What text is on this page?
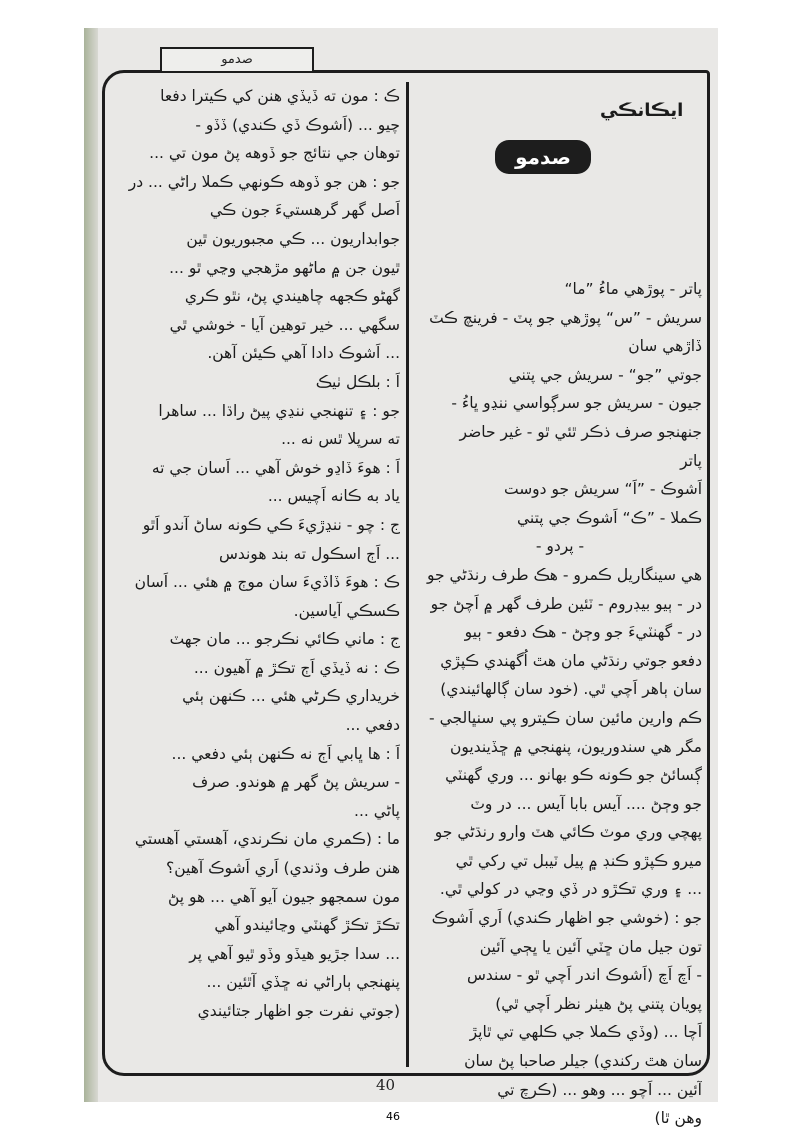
صدمو
ايڪانڪي
صدمو
پاتر - پوڙهي ماءُ ”ما“
سريش - ”س“ پوڙهي جو پٽ - فرينچ ڪٽ
ڏاڙهي سان
جوتي ”جو“ - سريش جي پتني
جيون - سريش جو سرڳواسي ننڍو ڀاءُ -
جنهنجو صرف ذڪر ٿئي ٿو - غير حاضر
پاتر
اَشوڪ - ”اَ“ سريش جو دوست
ڪملا - ”ڪ“ اَشوڪ جي پتني
- پردو -
هي سينگاريل ڪمرو - هڪ طرف رنڌڻي جو
در - ٻيو بيڊروم - ٽئين طرف گهر ۾ اَچڻ جو
در - گهنٽيءَ جو وڄڻ - هڪ دفعو - ٻيو
دفعو جوتي رنڌڻي مان هٿ اُگهندي ڪپڙي
سان ٻاهر اَچي ٿي. (خود سان ڳالهائيندي)
ڪم وارين مائين سان ڪيترو پي سنڀالجي -
مگر هي سندوريون، پنهنجي ۾ ڇڏينديون
ڳسائڻ جو ڪونه ڪو بهانو ... وري گهنٽي
جو وڄڻ .... آيس بابا آيس ... در وٽ
پهچي وري موٽ ڪائي هٽ وارو رنڌڻي جو
ميرو ڪپڙو ڪنڊ ۾ پيل ٽيبل تي رکي ٿي
... ۽ وري تڪڙو در ڏي وڃي در کولي ٿي.
جو : (خوشي جو اظهار ڪندي) اَري اَشوڪ
تون جيل مان ڇٽي آئين يا ڀڄي آئين
- اَچ اَچ (اَشوڪ اندر اَچي ٿو - سندس
پويان پتني پڻ هيٺر نظر اَچي ٿي)
اَچا ... (وڏي ڪملا جي ڪلهي تي ٿاپڙ
سان هٿ رکندي) جيلر صاحبا پڻ سان
آئين ... اَچو ... وهو ... (ڪرچ تي
وهن ٿا)
ڪ : مون ته ڏيڏي هنن کي ڪيترا دفعا
چيو ... (اَشوڪ ڏي ڪندي) ڏڏو -
توهان جي نتائج جو ڏوهه پڻ مون تي ...
جو : هن جو ڏوهه ڪونهي ڪملا راڻي ... در
اَصل گهر گرهستيءَ جون ڪي
جوابداريون ... ڪي مجبوريون ٿين
ٿيون جن ۾ ماڻهو مڙهجي وڃي ٿو ...
گهڻو ڪجهه چاهيندي پڻ، نٿو ڪري
سگهي ... خير توهين آيا - خوشي ٿي
... اَشوڪ دادا آهي ڪيئن آهن.
اَ : بلڪل ٺيڪ
جو : ۽ تنهنجي ننڍي پيڻ راڌا ... ساهرا
ته سرپلا ٿس نه ...
اَ : هوءَ ڏاڍو خوش آهي ... اَسان جي ته
ياد به ڪانه اَچيس ...
ج : چو - ننڍڙيءَ ڪي ڪونه ساڻ آندو اَٿو
... اَڄ اسڪول ته بند هوندس
ڪ : هوءَ ڏاڏيءَ سان موڄ ۾ هئي ... اَسان
ڪسڪي آياسين.
ج : ماني ڪائي نڪرجو ... مان جهٽ
ڪ : نه ڏيڏي اَڄ تڪڙ ۾ آهيون ...
خريداري ڪرڻي هئي ... ڪنهن ٻئي
دفعي ...
اَ : ها ڀابي اَڄ نه ڪنهن ٻئي دفعي ...
- سريش پڻ گهر ۾ هوندو. صرف
پاڻي ...
ما : (ڪمري مان نڪرندي، آهستي آهستي
هنن طرف وڌندي) اَري اَشوڪ آهين؟
مون سمجهو جيون آيو آهي ... هو پڻ
تڪڙ تڪڙ گهنٽي وڃائيندو آهي
... سدا جڙيو هيڏو وڏو ٿيو آهي پر
پنهنجي ٻاراڻي نه ڇڏي آٿئين ...
(جوتي نفرت جو اظهار جتائيندي
40
46
